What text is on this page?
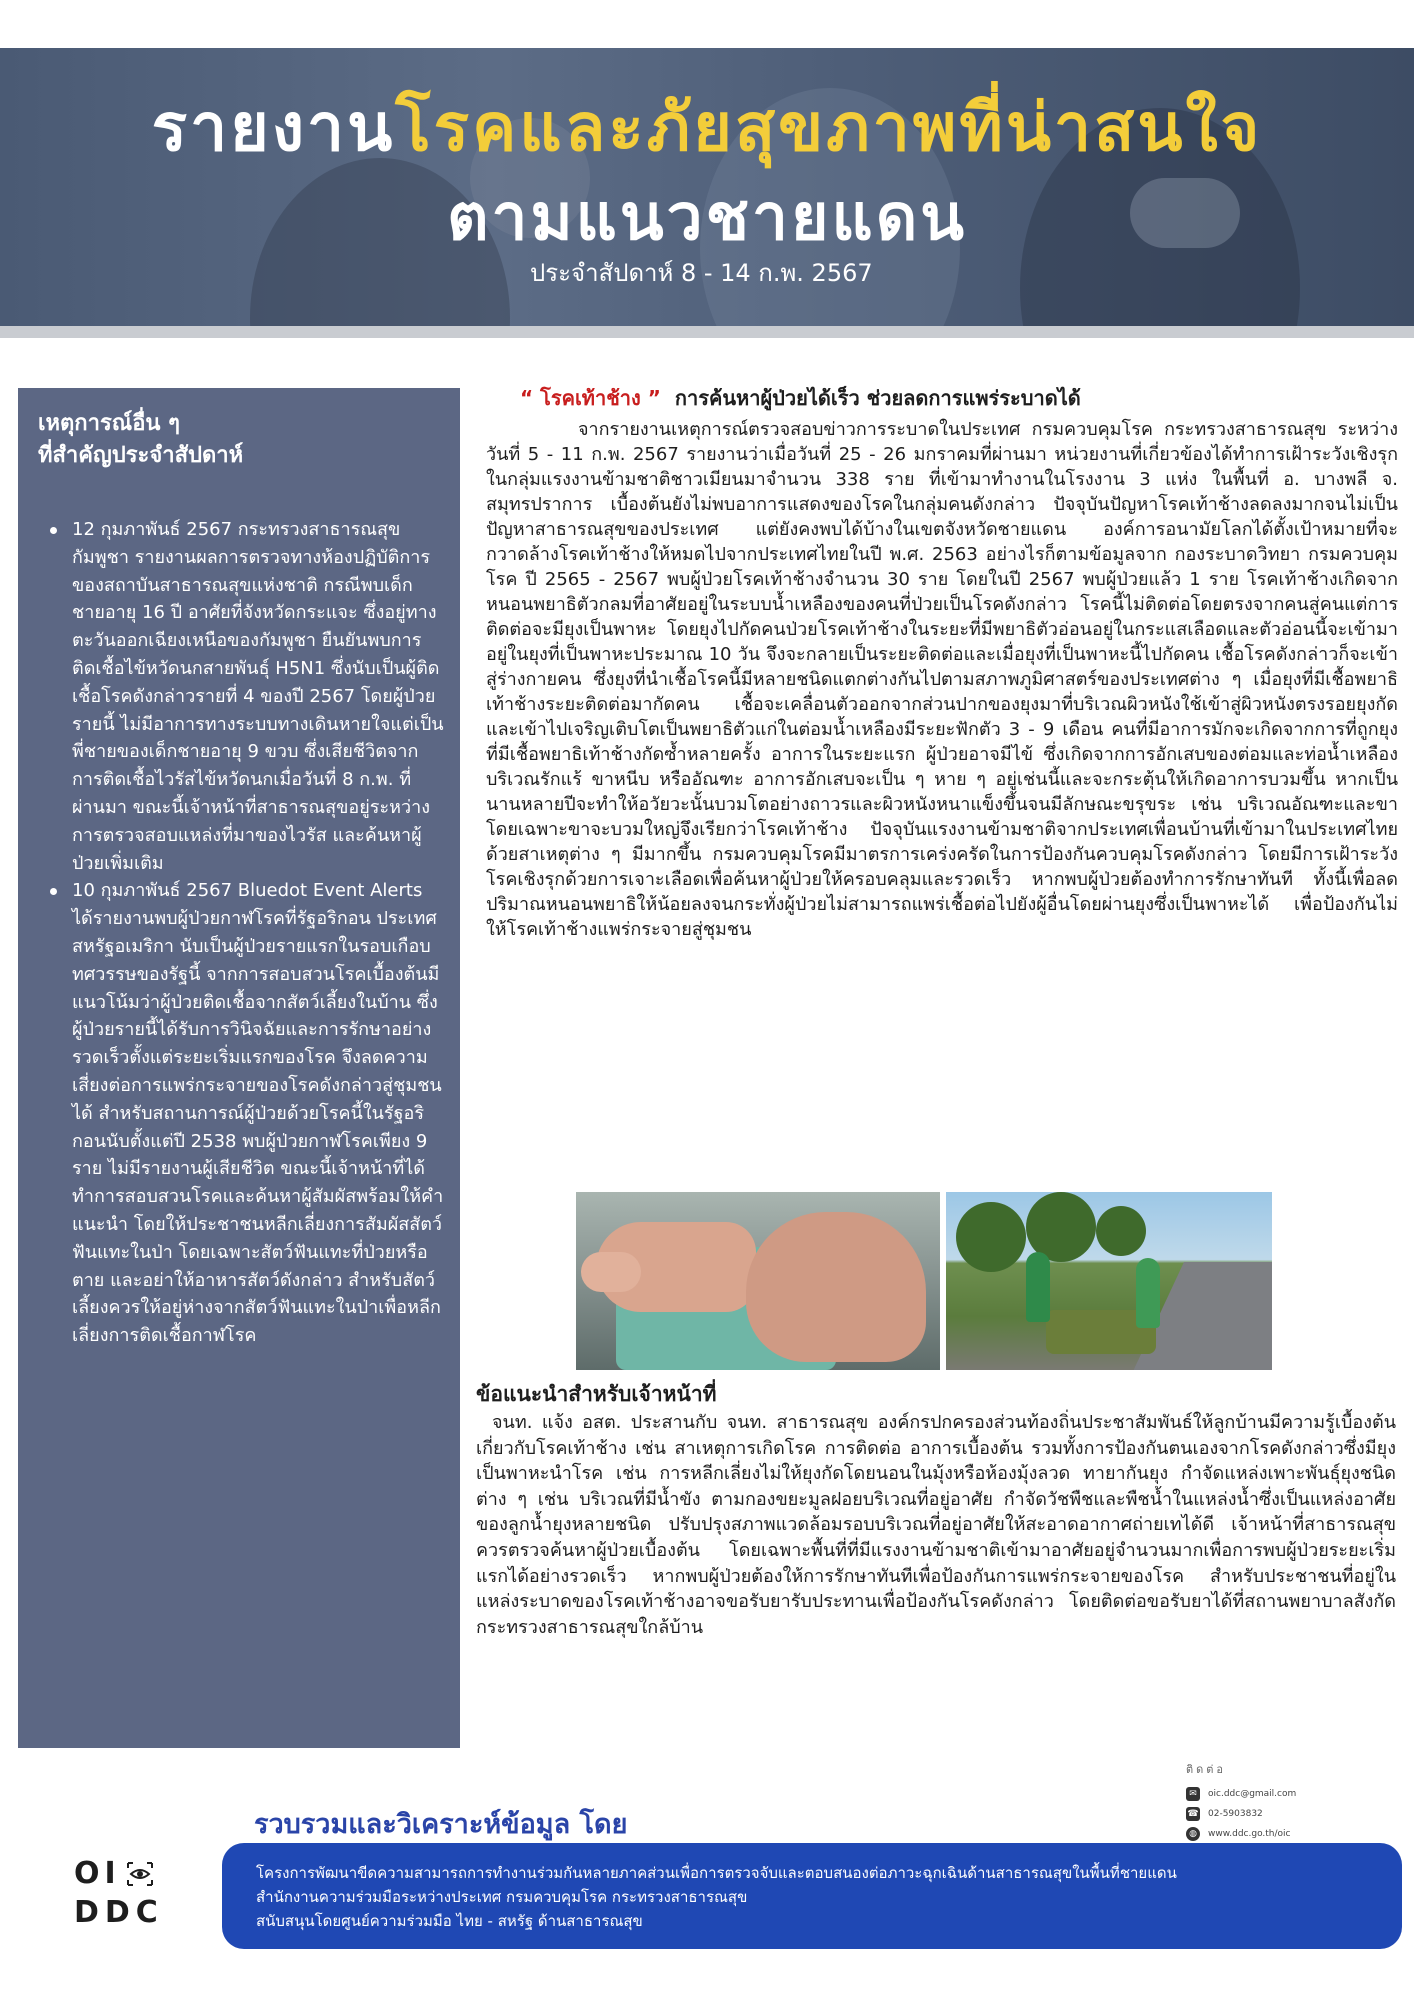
รายงานโรคและภัยสุขภาพที่น่าสนใจ
ตามแนวชายแดน
ประจำสัปดาห์ 8 - 14 ก.พ. 2567
เหตุการณ์อื่น ๆ
ที่สำคัญประจำสัปดาห์
12 กุมภาพันธ์ 2567 กระทรวงสาธารณสุขกัมพูชา รายงานผลการตรวจทางห้องปฏิบัติการของสถาบันสาธารณสุขแห่งชาติ กรณีพบเด็กชายอายุ 16 ปี อาศัยที่จังหวัดกระแจะ ซึ่งอยู่ทางตะวันออกเฉียงเหนือของกัมพูชา ยืนยันพบการติดเชื้อไข้หวัดนกสายพันธุ์ H5N1 ซึ่งนับเป็นผู้ติดเชื้อโรคดังกล่าวรายที่ 4 ของปี 2567 โดยผู้ป่วยรายนี้ ไม่มีอาการทางระบบทางเดินหายใจแต่เป็นพี่ชายของเด็กชายอายุ 9 ขวบ ซึ่งเสียชีวิตจากการติดเชื้อไวรัสไข้หวัดนกเมื่อวันที่ 8 ก.พ. ที่ผ่านมา ขณะนี้เจ้าหน้าที่สาธารณสุขอยู่ระหว่างการตรวจสอบแหล่งที่มาของไวรัส และค้นหาผู้ป่วยเพิ่มเติม
10 กุมภาพันธ์ 2567 Bluedot Event Alerts ได้รายงานพบผู้ป่วยกาฬโรคที่รัฐอริกอน ประเทศสหรัฐอเมริกา นับเป็นผู้ป่วยรายแรกในรอบเกือบทศวรรษของรัฐนี้ จากการสอบสวนโรคเบื้องต้นมีแนวโน้มว่าผู้ป่วยติดเชื้อจากสัตว์เลี้ยงในบ้าน ซึ่งผู้ป่วยรายนี้ได้รับการวินิจฉัยและการรักษาอย่างรวดเร็วตั้งแต่ระยะเริ่มแรกของโรค จึงลดความเสี่ยงต่อการแพร่กระจายของโรคดังกล่าวสู่ชุมชนได้ สำหรับสถานการณ์ผู้ป่วยด้วยโรคนี้ในรัฐอริกอนนับตั้งแต่ปี 2538 พบผู้ป่วยกาฬโรคเพียง 9 ราย ไม่มีรายงานผู้เสียชีวิต ขณะนี้เจ้าหน้าที่ได้ทำการสอบสวนโรคและค้นหาผู้สัมผัสพร้อมให้คำแนะนำ โดยให้ประชาชนหลีกเลี่ยงการสัมผัสสัตว์ฟันแทะในป่า โดยเฉพาะสัตว์ฟันแทะที่ป่วยหรือตาย และอย่าให้อาหารสัตว์ดังกล่าว สำหรับสัตว์เลี้ยงควรให้อยู่ห่างจากสัตว์ฟันแทะในป่าเพื่อหลีกเลี่ยงการติดเชื้อกาฬโรค
“ โรคเท้าช้าง ” การค้นหาผู้ป่วยได้เร็ว ช่วยลดการแพร่ระบาดได้
จากรายงานเหตุการณ์ตรวจสอบข่าวการระบาดในประเทศ กรมควบคุมโรค กระทรวงสาธารณสุข ระหว่างวันที่ 5 - 11 ก.พ. 2567 รายงานว่าเมื่อวันที่ 25 - 26 มกราคมที่ผ่านมา หน่วยงานที่เกี่ยวข้องได้ทำการเฝ้าระวังเชิงรุกในกลุ่มแรงงานข้ามชาติชาวเมียนมาจำนวน 338 ราย ที่เข้ามาทำงานในโรงงาน 3 แห่ง ในพื้นที่ อ. บางพลี จ. สมุทรปราการ เบื้องต้นยังไม่พบอาการแสดงของโรคในกลุ่มคนดังกล่าว ปัจจุบันปัญหาโรคเท้าช้างลดลงมากจนไม่เป็นปัญหาสาธารณสุขของประเทศ แต่ยังคงพบได้บ้างในเขตจังหวัดชายแดน องค์การอนามัยโลกได้ตั้งเป้าหมายที่จะกวาดล้างโรคเท้าช้างให้หมดไปจากประเทศไทยในปี พ.ศ. 2563 อย่างไรก็ตามข้อมูลจาก กองระบาดวิทยา กรมควบคุมโรค ปี 2565 - 2567 พบผู้ป่วยโรคเท้าช้างจำนวน 30 ราย โดยในปี 2567 พบผู้ป่วยแล้ว 1 ราย โรคเท้าช้างเกิดจากหนอนพยาธิตัวกลมที่อาศัยอยู่ในระบบน้ำเหลืองของคนที่ป่วยเป็นโรคดังกล่าว โรคนี้ไม่ติดต่อโดยตรงจากคนสู่คนแต่การติดต่อจะมียุงเป็นพาหะ โดยยุงไปกัดคนป่วยโรคเท้าช้างในระยะที่มีพยาธิตัวอ่อนอยู่ในกระแสเลือดและตัวอ่อนนี้จะเข้ามาอยู่ในยุงที่เป็นพาหะประมาณ 10 วัน จึงจะกลายเป็นระยะติดต่อและเมื่อยุงที่เป็นพาหะนี้ไปกัดคน เชื้อโรคดังกล่าวก็จะเข้าสู่ร่างกายคน ซึ่งยุงที่นำเชื้อโรคนี้มีหลายชนิดแตกต่างกันไปตามสภาพภูมิศาสตร์ของประเทศต่าง ๆ เมื่อยุงที่มีเชื้อพยาธิเท้าช้างระยะติดต่อมากัดคน เชื้อจะเคลื่อนตัวออกจากส่วนปากของยุงมาที่บริเวณผิวหนังใช้เข้าสู่ผิวหนังตรงรอยยุงกัด และเข้าไปเจริญเติบโตเป็นพยาธิตัวแก่ในต่อมน้ำเหลืองมีระยะฟักตัว 3 - 9 เดือน คนที่มีอาการมักจะเกิดจากการที่ถูกยุงที่มีเชื้อพยาธิเท้าช้างกัดซ้ำหลายครั้ง อาการในระยะแรก ผู้ป่วยอาจมีไข้ ซึ่งเกิดจากการอักเสบของต่อมและท่อน้ำเหลืองบริเวณรักแร้ ขาหนีบ หรืออัณฑะ อาการอักเสบจะเป็น ๆ หาย ๆ อยู่เช่นนี้และจะกระตุ้นให้เกิดอาการบวมขึ้น หากเป็นนานหลายปีจะทำให้อวัยวะนั้นบวมโตอย่างถาวรและผิวหนังหนาแข็งขึ้นจนมีลักษณะขรุขระ เช่น บริเวณอัณฑะและขาโดยเฉพาะขาจะบวมใหญ่จึงเรียกว่าโรคเท้าช้าง ปัจจุบันแรงงานข้ามชาติจากประเทศเพื่อนบ้านที่เข้ามาในประเทศไทยด้วยสาเหตุต่าง ๆ มีมากขึ้น กรมควบคุมโรคมีมาตรการเคร่งครัดในการป้องกันควบคุมโรคดังกล่าว โดยมีการเฝ้าระวังโรคเชิงรุกด้วยการเจาะเลือดเพื่อค้นหาผู้ป่วยให้ครอบคลุมและรวดเร็ว หากพบผู้ป่วยต้องทำการรักษาทันที ทั้งนี้เพื่อลดปริมาณหนอนพยาธิให้น้อยลงจนกระทั่งผู้ป่วยไม่สามารถแพร่เชื้อต่อไปยังผู้อื่นโดยผ่านยุงซึ่งเป็นพาหะได้ เพื่อป้องกันไม่ให้โรคเท้าช้างแพร่กระจายสู่ชุมชน
ข้อแนะนำสำหรับเจ้าหน้าที่
จนท. แจ้ง อสต. ประสานกับ จนท. สาธารณสุข องค์กรปกครองส่วนท้องถิ่นประชาสัมพันธ์ให้ลูกบ้านมีความรู้เบื้องต้นเกี่ยวกับโรคเท้าช้าง เช่น สาเหตุการเกิดโรค การติดต่อ อาการเบื้องต้น รวมทั้งการป้องกันตนเองจากโรคดังกล่าวซึ่งมียุงเป็นพาหะนำโรค เช่น การหลีกเลี่ยงไม่ให้ยุงกัดโดยนอนในมุ้งหรือห้องมุ้งลวด ทายากันยุง กำจัดแหล่งเพาะพันธุ์ยุงชนิดต่าง ๆ เช่น บริเวณที่มีน้ำขัง ตามกองขยะมูลฝอยบริเวณที่อยู่อาศัย กำจัดวัชพืชและพืชน้ำในแหล่งน้ำซึ่งเป็นแหล่งอาศัยของลูกน้ำยุงหลายชนิด ปรับปรุงสภาพแวดล้อมรอบบริเวณที่อยู่อาศัยให้สะอาดอากาศถ่ายเทได้ดี เจ้าหน้าที่สาธารณสุขควรตรวจค้นหาผู้ป่วยเบื้องต้น โดยเฉพาะพื้นที่ที่มีแรงงานข้ามชาติเข้ามาอาศัยอยู่จำนวนมากเพื่อการพบผู้ป่วยระยะเริ่มแรกได้อย่างรวดเร็ว หากพบผู้ป่วยต้องให้การรักษาทันทีเพื่อป้องกันการแพร่กระจายของโรค สำหรับประชาชนที่อยู่ในแหล่งระบาดของโรคเท้าช้างอาจขอรับยารับประทานเพื่อป้องกันโรคดังกล่าว โดยติดต่อขอรับยาได้ที่สถานพยาบาลสังกัดกระทรวงสาธารณสุขใกล้บ้าน
รวบรวมและวิเคราะห์ข้อมูล โดย
ติดต่อ
✉	oic.ddc@gmail.com
☎ 02-5903832
◍	www.ddc.go.th/oic
OI
DDC
โครงการพัฒนาขีดความสามารถการทำงานร่วมกันหลายภาคส่วนเพื่อการตรวจจับและตอบสนองต่อภาวะฉุกเฉินด้านสาธารณสุขในพื้นที่ชายแดน
สำนักงานความร่วมมือระหว่างประเทศ กรมควบคุมโรค กระทรวงสาธารณสุข
สนับสนุนโดยศูนย์ความร่วมมือ ไทย - สหรัฐ ด้านสาธารณสุข
